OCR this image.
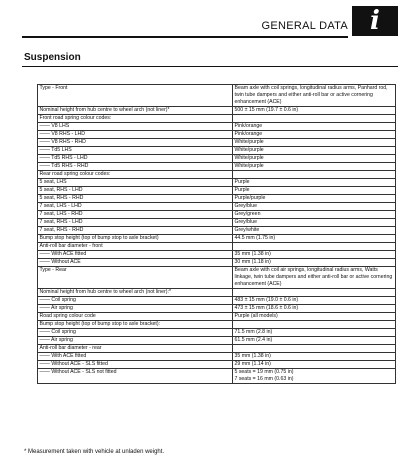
GENERAL DATA i
Suspension
Type - Front	Beam axle with coil springs, longitudinal radius arms, Panhard rod, twin tube dampers and either anti-roll bar or active cornering enhancement (ACE)
Nominal height from hub centre to wheel arch (not liner)*	500 ± 15 mm (19.7 ± 0.6 in)
Front road spring colour codes:	
—— V8 LHS	Pink/orange
—— V8 RHS - LHD	Pink/orange
—— V8 RHS - RHD	White/purple
—— Td5 LHS	White/purple
—— Td5 RHS - LHD	White/purple
—— Td5 RHS - RHD	White/purple
Rear road spring colour codes:	
5 seat, LHS	Purple
5 seat, RHS - LHD	Purple
5 seat, RHS - RHD	Purple/purple
7 seat, LHS - LHD	Grey/blue
7 seat, LHS - RHD	Grey/green
7 seat, RHS - LHD	Grey/blue
7 seat, RHS - RHD	Grey/white
Bump stop height (top of bump stop to axle bracket)	44.5 mm (1.75 in)
Anti-roll bar diameter - front	
—— With ACE fitted	35 mm (1.38 in)
—— Without ACE	30 mm (1.18 in)
Type - Rear	Beam axle with coil air springs, longitudinal radius arms, Watts linkage, twin tube dampers and either anti-roll bar or active cornering enhancement (ACE)
Nominal height from hub centre to wheel arch (not liner):*	
—— Coil spring	483 ± 15 mm (19.0 ± 0.6 in)
—— Air spring	473 ± 15 mm (18.6 ± 0.6 in)
Road spring colour code	Purple (all models)
Bump stop height (top of bump stop to axle bracket):	
—— Coil spring	71.5 mm (2.8 in)
—— Air spring	61.5 mm (2.4 in)
Anti-roll bar diameter - rear	
—— With ACE fitted	35 mm (1.38 in)
—— Without ACE - SLS fitted	29 mm (1.14 in)
—— Without ACE - SLS not fitted	5 seats = 19 mm (0.75 in)
7 seats = 16 mm (0.63 in)
* Measurement taken with vehicle at unladen weight.
